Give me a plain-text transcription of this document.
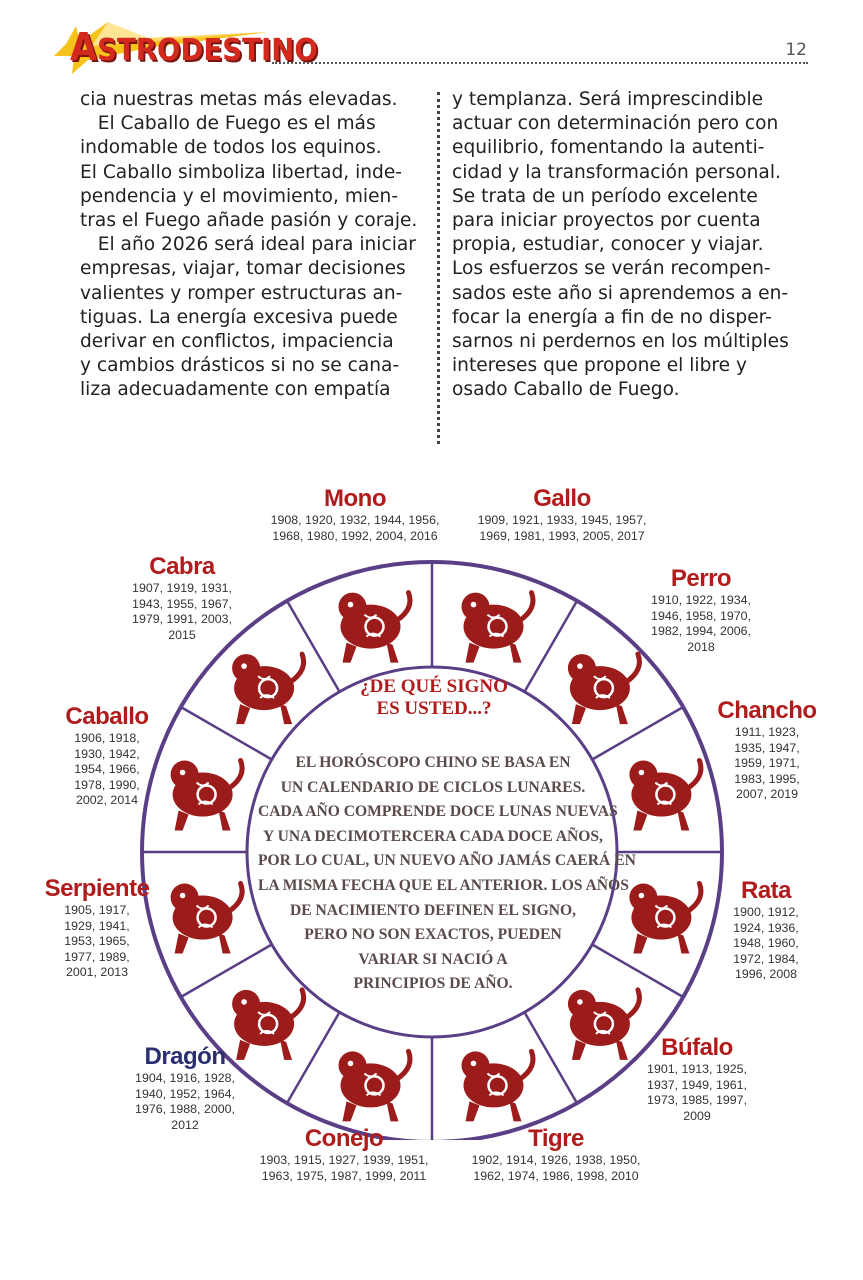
ASTRODESTINO	12

cia nuestras metas más elevadas.

El Caballo de Fuego es el más

indomable de todos los equinos.

El Caballo simboliza libertad, inde-

pendencia y el movimiento, mien-

tras el Fuego añade pasión y coraje.

El año 2026 será ideal para iniciar

empresas, viajar, tomar decisiones

valientes y romper estructuras an-

tiguas. La energía excesiva puede

derivar en conflictos, impaciencia

y cambios drásticos si no se cana-

liza adecuadamente con empatía

y templanza. Será imprescindible

actuar con determinación pero con

equilibrio, fomentando la autenti-

cidad y la transformación personal.

Se trata de un período excelente

para iniciar proyectos por cuenta

propia, estudiar, conocer y viajar.

Los esfuerzos se verán recompen-

sados este año si aprendemos a en-

focar la energía a fin de no disper-

sarnos ni perdernos en los múltiples

intereses que propone el libre y

osado Caballo de Fuego.

¿DE QUÉ SIGNO
ES USTED...?
EL HORÓSCOPO CHINO SE BASA EN
UN CALENDARIO DE CICLOS LUNARES.
CADA AÑO COMPRENDE DOCE LUNAS NUEVAS
Y UNA DECIMOTERCERA CADA DOCE AÑOS,
POR LO CUAL, UN NUEVO AÑO JAMÁS CAERÁ EN
LA MISMA FECHA QUE EL ANTERIOR. LOS AÑOS
DE NACIMIENTO DEFINEN EL SIGNO,
PERO NO SON EXACTOS, PUEDEN
VARIAR SI NACIÓ A
PRINCIPIOS DE AÑO.
Mono
1908, 1920, 1932, 1944, 1956,
1968, 1980, 1992, 2004, 2016
Gallo
1909, 1921, 1933, 1945, 1957,
1969, 1981, 1993, 2005, 2017
Perro
1910, 1922, 1934,
1946, 1958, 1970,
1982, 1994, 2006,
2018
Chancho
1911, 1923,
1935, 1947,
1959, 1971,
1983, 1995,
2007, 2019
Rata
1900, 1912,
1924, 1936,
1948, 1960,
1972, 1984,
1996, 2008
Búfalo
1901, 1913, 1925,
1937, 1949, 1961,
1973, 1985, 1997,
2009
Tigre
1902, 1914, 1926, 1938, 1950,
1962, 1974, 1986, 1998, 2010
Conejo
1903, 1915, 1927, 1939, 1951,
1963, 1975, 1987, 1999, 2011
Dragón
1904, 1916, 1928,
1940, 1952, 1964,
1976, 1988, 2000,
2012
Serpiente
1905, 1917,
1929, 1941,
1953, 1965,
1977, 1989,
2001, 2013
Caballo
1906, 1918,
1930, 1942,
1954, 1966,
1978, 1990,
2002, 2014
Cabra
1907, 1919, 1931,
1943, 1955, 1967,
1979, 1991, 2003,
2015
